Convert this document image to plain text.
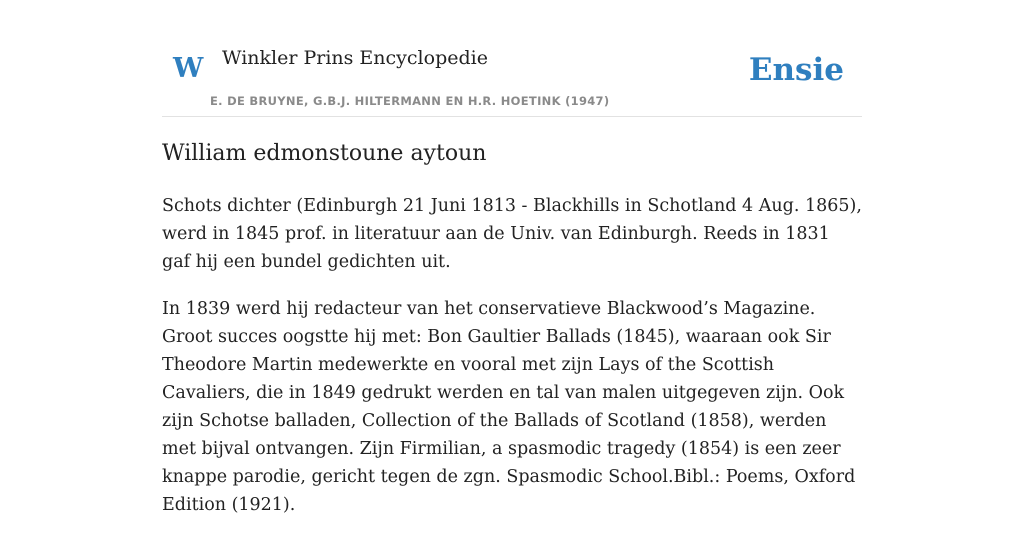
W Winkler Prins Encyclopedie
E. DE BRUYNE, G.B.J. HILTERMANN EN H.R. HOETINK (1947)
Ensie
William edmonstoune aytoun

Schots dichter (Edinburgh 21 Juni 1813 - Blackhills in Schotland 4 Aug. 1865), werd in 1845 prof. in literatuur aan de Univ. van Edinburgh. Reeds in 1831 gaf hij een bundel gedichten uit.

In 1839 werd hij redacteur van het conservatieve Blackwood’s Magazine. Groot succes oogstte hij met: Bon Gaultier Ballads (1845), waaraan ook Sir Theodore Martin medewerkte en vooral met zijn Lays of the Scottish Cavaliers, die in 1849 gedrukt werden en tal van malen uitgegeven zijn. Ook zijn Schotse balladen, Collection of the Ballads of Scotland (1858), werden met bijval ontvangen. Zijn Firmilian, a spasmodic tragedy (1854) is een zeer knappe parodie, gericht tegen de zgn. Spasmodic School.Bibl.: Poems, Oxford Edition (1921).
